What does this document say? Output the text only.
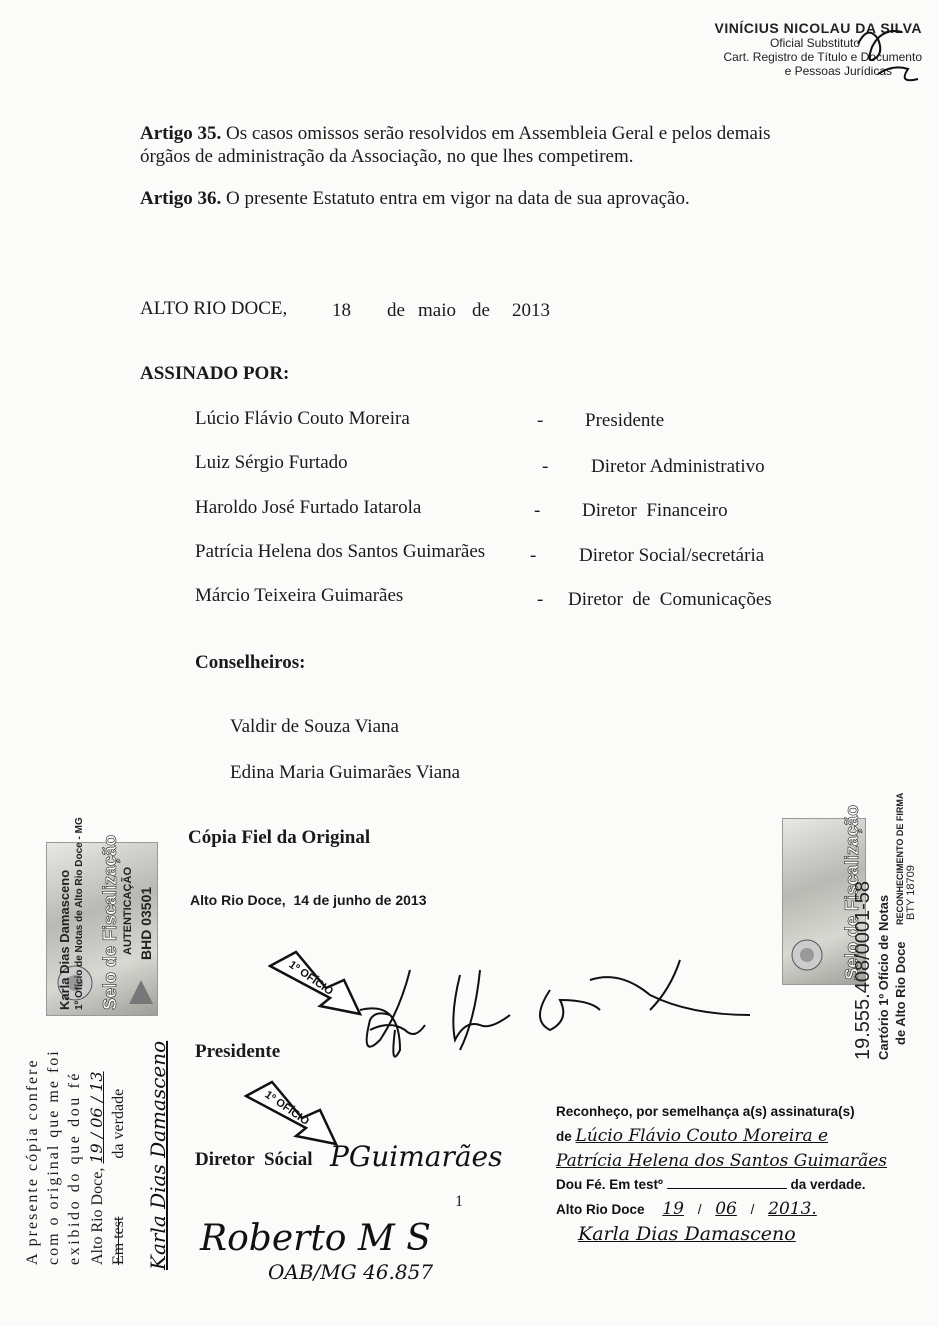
VINÍCIUS NICOLAU DA SILVA
Oficial Substituto
Cart. Registro de Título e Documento
e Pessoas Jurídicas
Artigo 35. Os casos omissos serão resolvidos em Assembleia Geral e pelos demais órgãos de administração da Associação, no que lhes competirem.
Artigo 36. O presente Estatuto entra em vigor na data de sua aprovação.
ALTO RIO DOCE, 18 de maio de 2013
ASSINADO POR:
Lúcio Flávio Couto Moreira	- Presidente
Luiz Sérgio Furtado	- Diretor Administrativo
Haroldo José Furtado Iatarola	- Diretor  Financeiro
Patrícia Helena dos Santos Guimarães - Diretor Social/secretária
Márcio Teixeira Guimarães	- Diretor  de  Comunicações
Conselheiros:
Valdir de Souza Viana
Edina Maria Guimarães Viana
Cópia Fiel da Original
Alto Rio Doce,  14 de junho de 2013
Karla Dias Damasceno 1º Ofício de Notas de Alto Rio Doce - MG Selo de Fiscalização AUTENTICAÇÃO BHD 03501
A presente cópia confere com o original que me foi exibido do que dou fé Alto Rio Doce, 19 / 06 / 13
Em test  da verdade Karla Dias Damasceno
Selo de Fiscalização
19.555.408/0001-58 Cartório 1º Ofício de Notas de Alto Rio Doce
RECONHECIMENTO DE FIRMA BTY 18709
1º OFÍCIO
1º OFÍCIO
Presidente
Diretor  Sócial PGuimarães
1
Roberto M S
OAB/MG 46.857
Reconheço, por semelhança a(s) assinatura(s)
de Lúcio Flávio Couto Moreira e
Patrícia Helena dos Santos Guimarães
Dou Fé. Em testº	da verdade.
Alto Rio Doce 19 / 06 / 2013.
Karla Dias Damasceno
